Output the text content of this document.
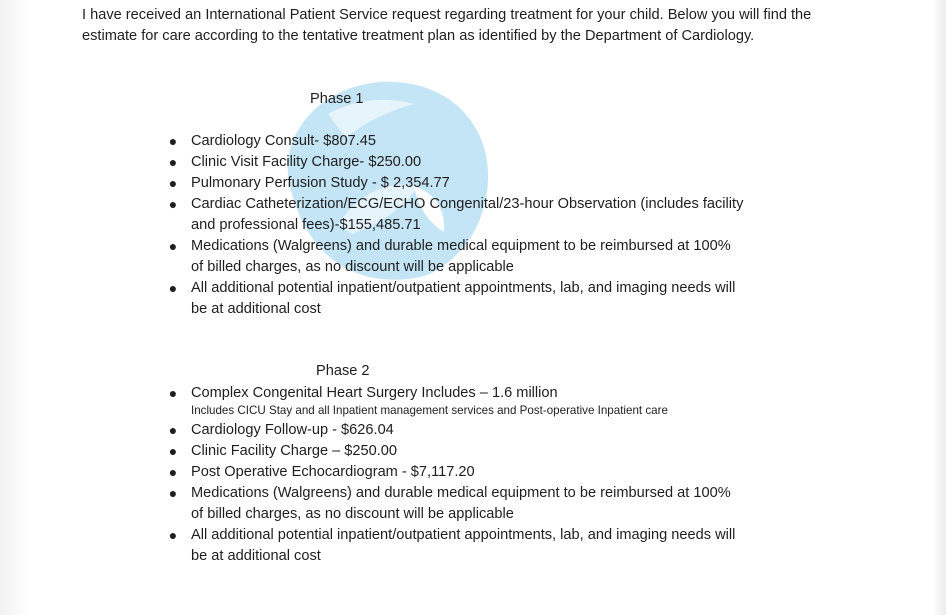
I have received an International Patient Service request regarding treatment for your child. Below you will find the estimate for care according to the tentative treatment plan as identified by the Department of Cardiology.

Phase 1
● Cardiology Consult- $807.45
● Clinic Visit Facility Charge- $250.00
● Pulmonary Perfusion Study - $ 2,354.77
● Cardiac Catheterization/ECG/ECHO Congenital/23-hour Observation (includes facility and professional fees)-$155,485.71
● Medications (Walgreens) and durable medical equipment to be reimbursed at 100% of billed charges, as no discount will be applicable
● All additional potential inpatient/outpatient appointments, lab, and imaging needs will be at additional cost
Phase 2
● Complex Congenital Heart Surgery Includes – 1.6 million
Includes CICU Stay and all Inpatient management services and Post-operative Inpatient care
● Cardiology Follow-up - $626.04
● Clinic Facility Charge – $250.00
● Post Operative Echocardiogram - $7,117.20
● Medications (Walgreens) and durable medical equipment to be reimbursed at 100% of billed charges, as no discount will be applicable
● All additional potential inpatient/outpatient appointments, lab, and imaging needs will be at additional cost
